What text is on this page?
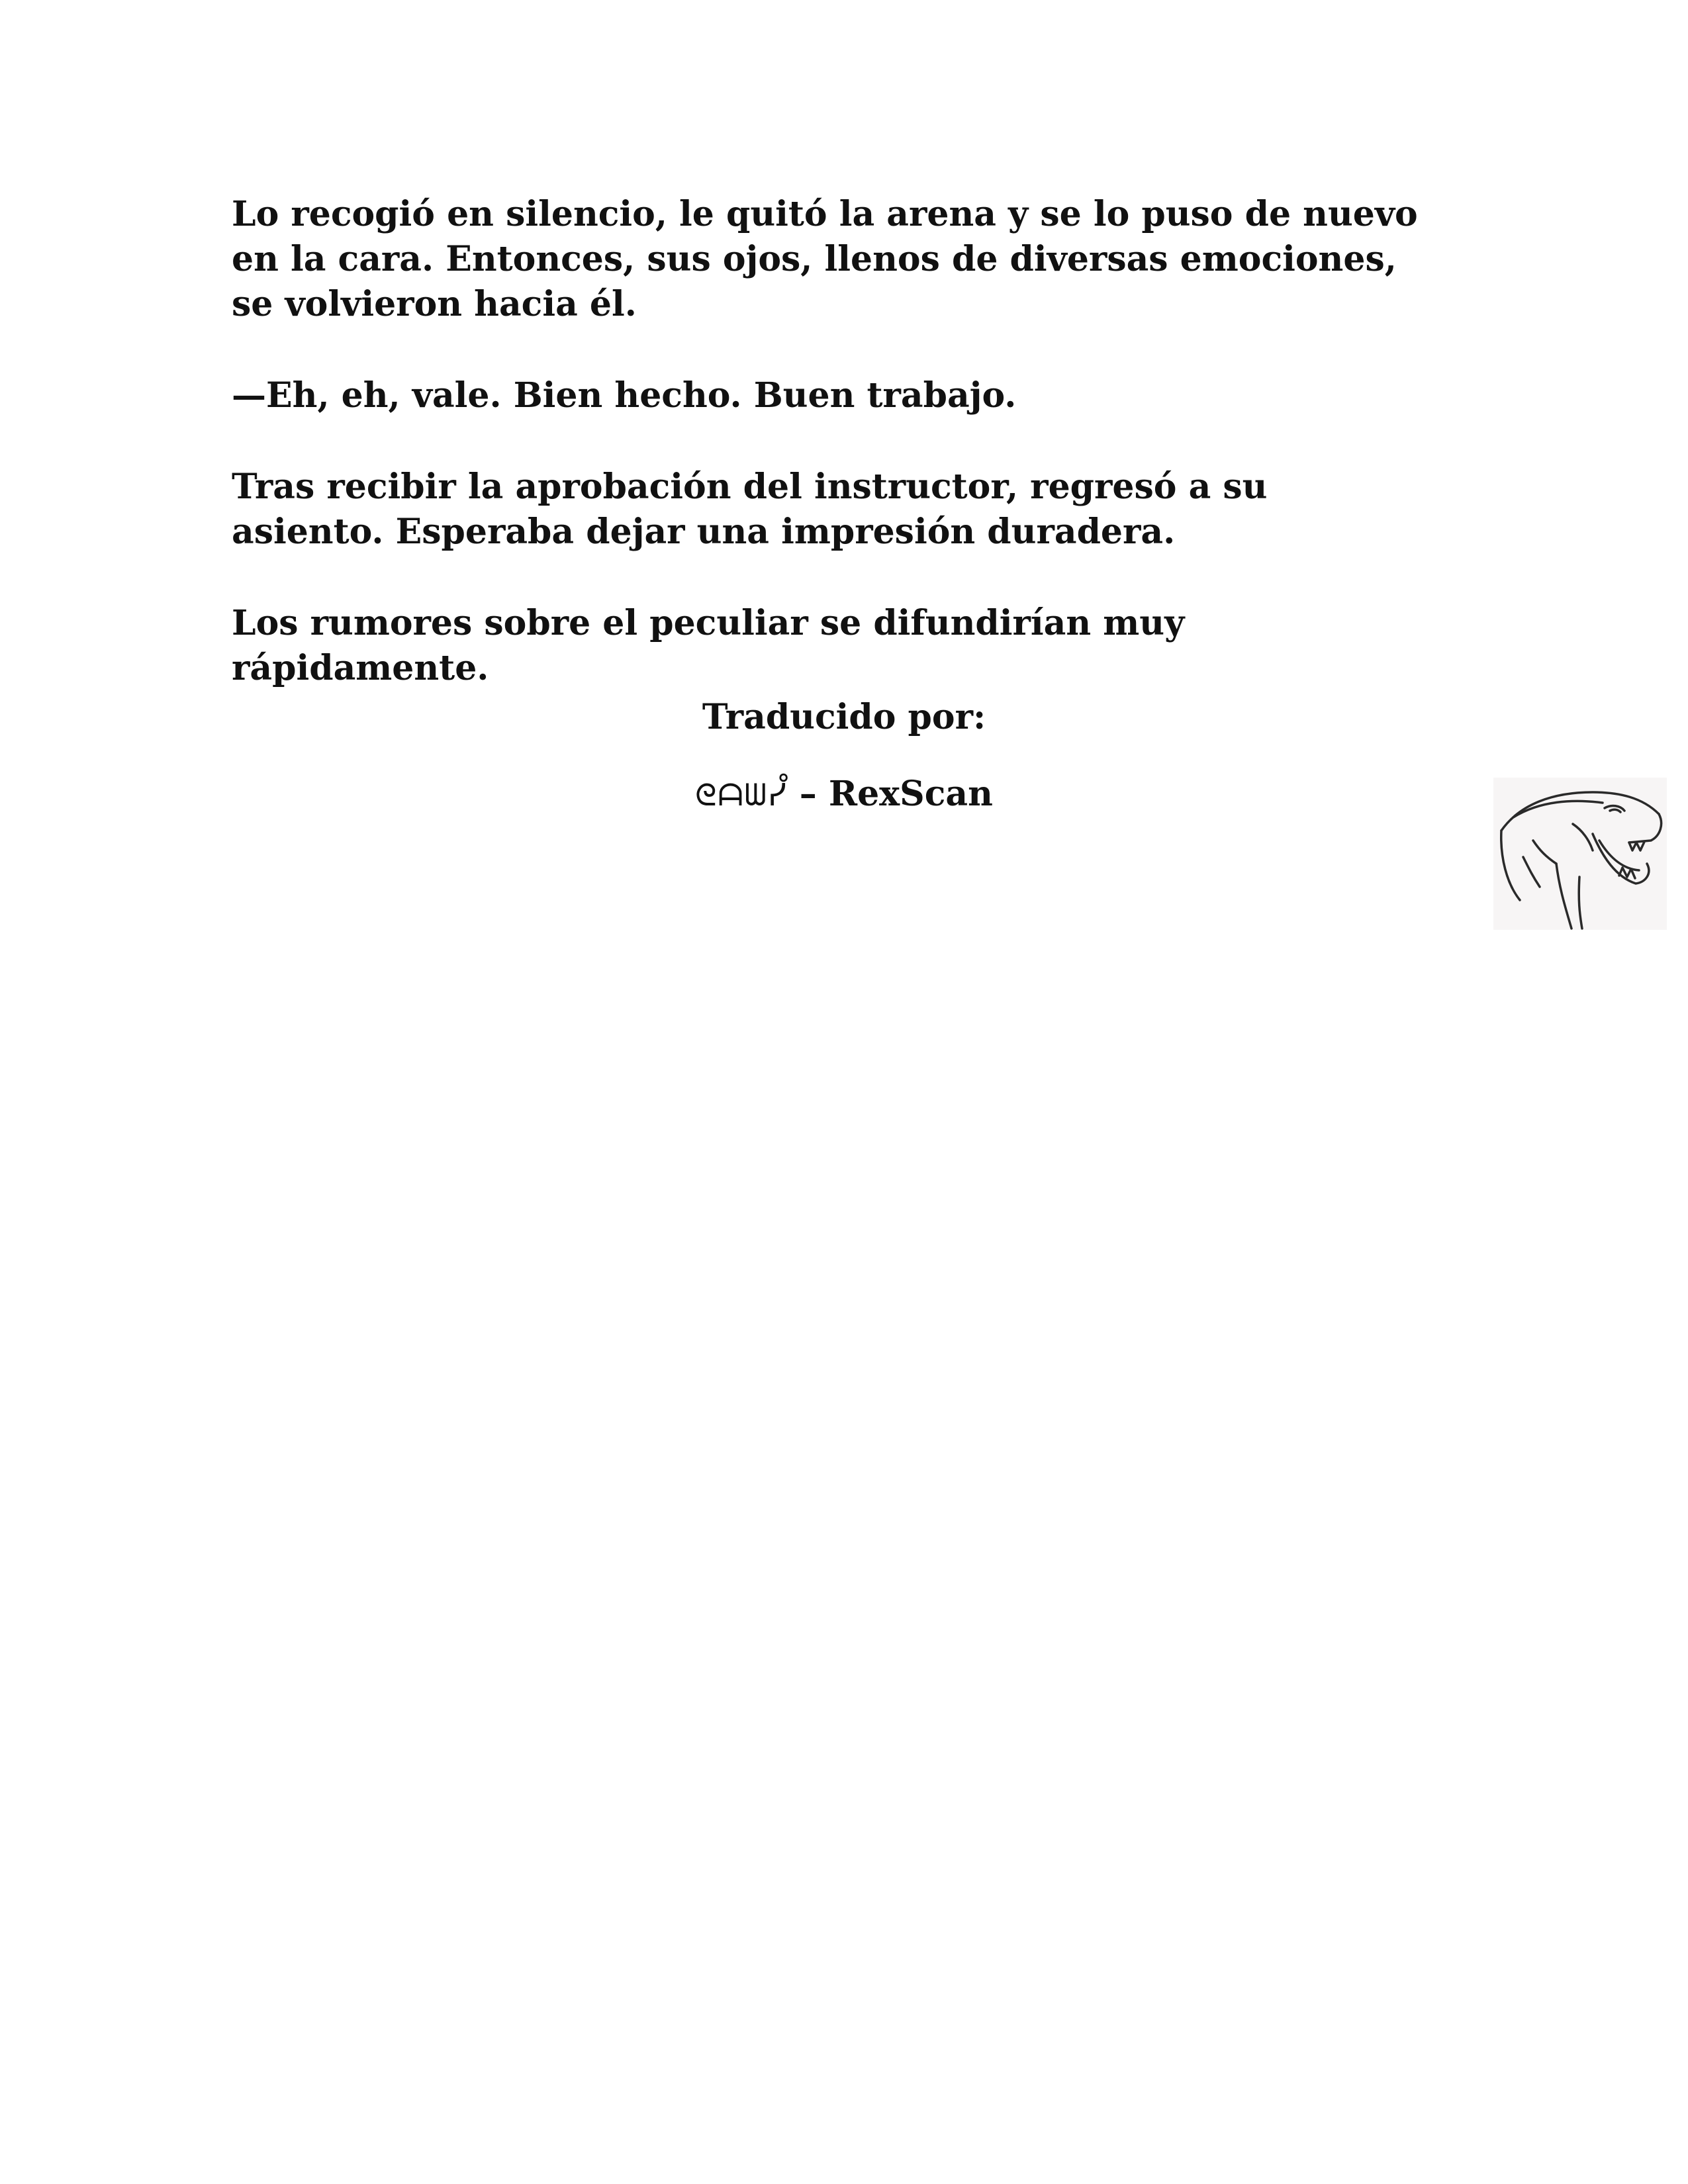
Lo recogió en silencio, le quitó la arena y se lo puso de nuevo
en la cara. Entonces, sus ojos, llenos de diversas emociones,
se volvieron hacia él.

—Eh, eh, vale. Bien hecho. Buen trabajo.

Tras recibir la aprobación del instructor, regresó a su
asiento. Esperaba dejar una impresión duradera.

Los rumores sobre el peculiar se difundirían muy
rápidamente.

Traducido por:
ᘓᗩᗯᓮ – RexScan
